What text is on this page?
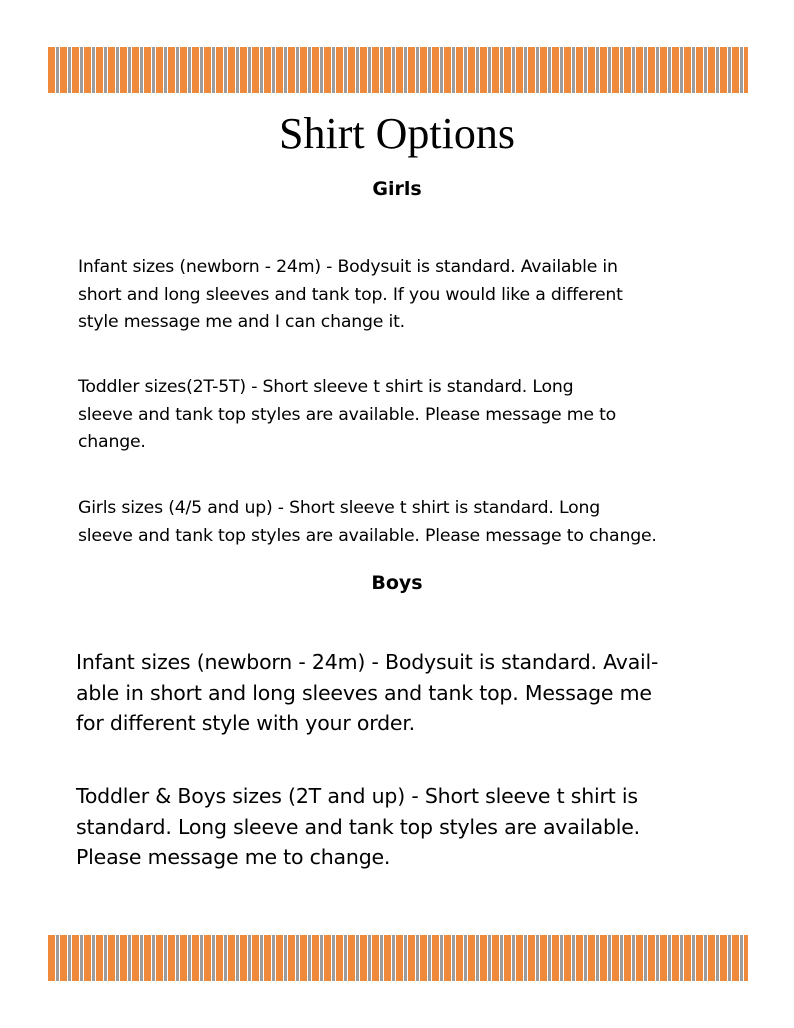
Shirt Options
Girls

Infant sizes (newborn - 24m) - Bodysuit is standard. Available in
short and long sleeves and tank top. If you would like a different
style message me and I can change it.

Toddler sizes(2T-5T) - Short sleeve t shirt is standard. Long
sleeve and tank top styles are available. Please message me to
change.

Girls sizes (4/5 and up) - Short sleeve t shirt is standard. Long
sleeve and tank top styles are available. Please message to change.

Boys

Infant sizes (newborn - 24m) - Bodysuit is standard. Avail-
able in short and long sleeves and tank top. Message me
for different style with your order.

Toddler & Boys sizes (2T and up) - Short sleeve t shirt is
standard. Long sleeve and tank top styles are available.
Please message me to change.
